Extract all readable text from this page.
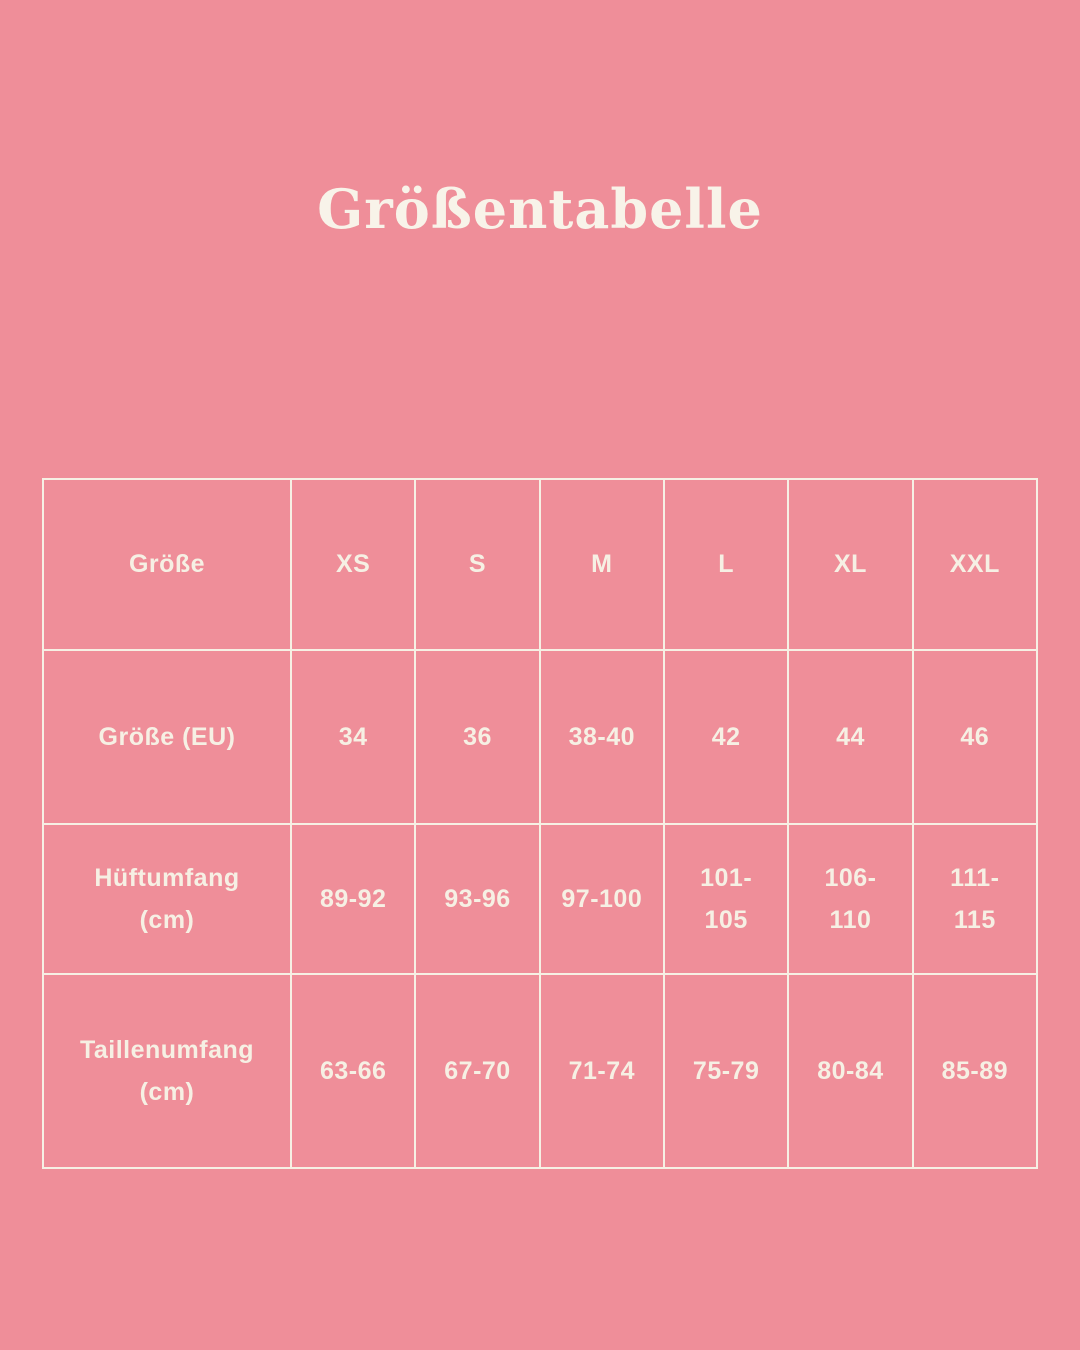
Größentabelle
Größe	XS	S	M	L	XL	XXL
Größe (EU)	34	36	38-40	42	44	46
Hüftumfang (cm)	89-92	93-96	97-100	101-105	106-110	111-115
Taillenumfang (cm)	63-66	67-70	71-74	75-79	80-84	85-89
